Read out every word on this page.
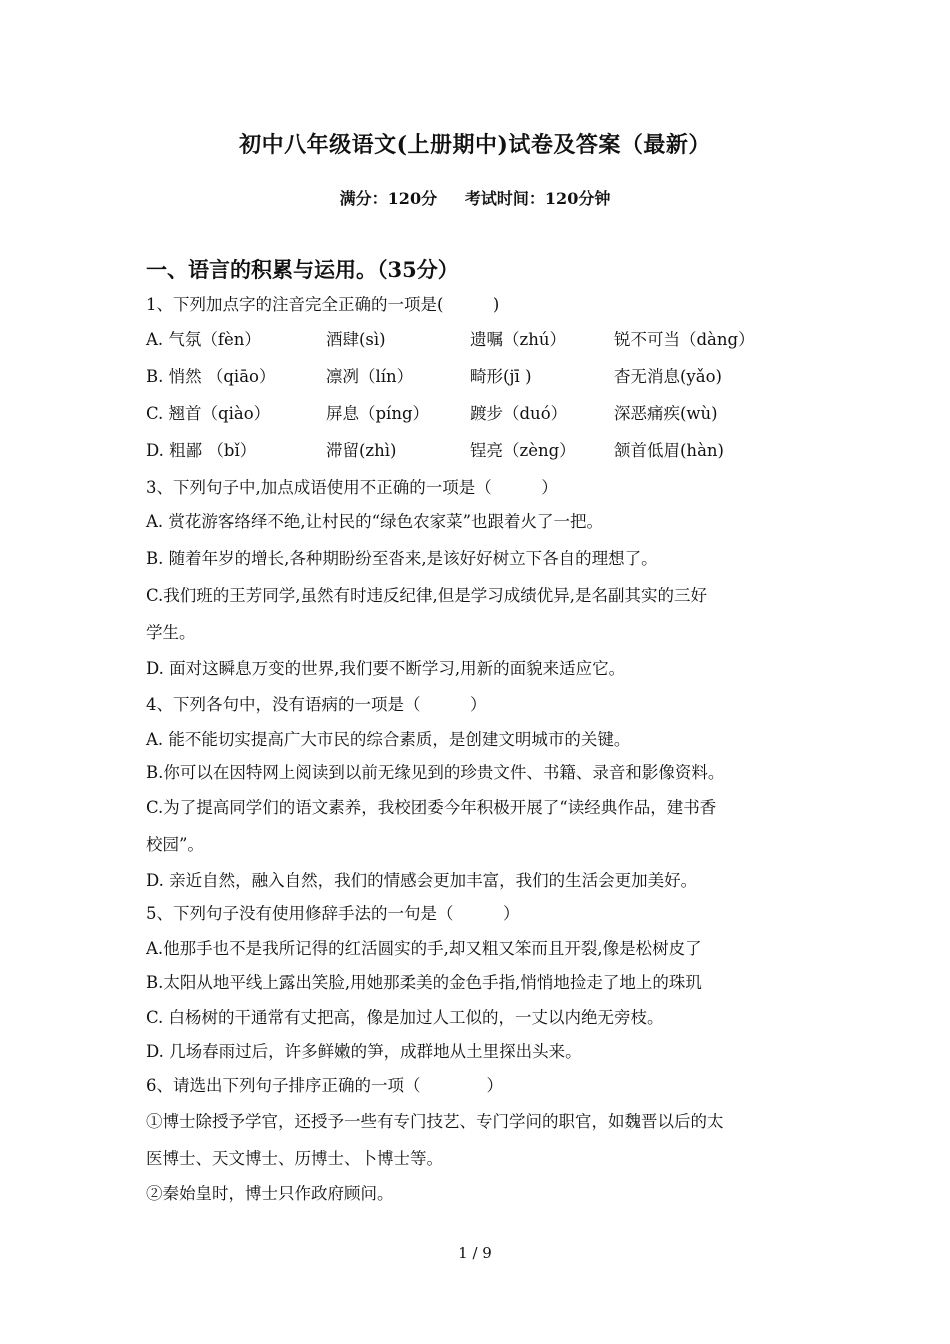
初中八年级语文(上册期中)试卷及答案（最新）
满分：120分     考试时间：120分钟
一、语言的积累与运用。（35分）
1、下列加点字的注音完全正确的一项是(　　　)
A. 气氛（fèn）	酒肆(sì)	遗嘱（zhú）	锐不可当（dàng）
B. 悄然 （qiāo）	凛冽（lín）	畸形(jī )	杳无消息(yǎo)
C. 翘首（qiào）	屏息（píng） 踱步（duó）	深恶痛疾(wù)
D. 粗鄙 （bǐ）	滞留(zhì)	锃亮（zèng） 颔首低眉(hàn)
3、下列句子中,加点成语使用不正确的一项是（　　　）
A. 赏花游客络绎不绝,让村民的“绿色农家菜”也跟着火了一把。
B. 随着年岁的增长,各种期盼纷至沓来,是该好好树立下各自的理想了。
C.我们班的王芳同学,虽然有时违反纪律,但是学习成绩优异,是名副其实的三好
学生。
D. 面对这瞬息万变的世界,我们要不断学习,用新的面貌来适应它。
4、下列各句中，没有语病的一项是（　　　）
A. 能不能切实提高广大市民的综合素质，是创建文明城市的关键。
B.你可以在因特网上阅读到以前无缘见到的珍贵文件、书籍、录音和影像资料。
C.为了提高同学们的语文素养，我校团委今年积极开展了“读经典作品，建书香
校园”。
D. 亲近自然，融入自然，我们的情感会更加丰富，我们的生活会更加美好。
5、下列句子没有使用修辞手法的一句是（　　　）
A.他那手也不是我所记得的红活圆实的手,却又粗又笨而且开裂,像是松树皮了
B.太阳从地平线上露出笑脸,用她那柔美的金色手指,悄悄地捡走了地上的珠玑
C. 白杨树的干通常有丈把高，像是加过人工似的，一丈以内绝无旁枝。
D. 几场春雨过后，许多鲜嫩的笋，成群地从土里探出头来。
6、请选出下列句子排序正确的一项（　　　　）
①博士除授予学官，还授予一些有专门技艺、专门学问的职官，如魏晋以后的太
医博士、天文博士、历博士、卜博士等。
②秦始皇时，博士只作政府顾问。
1 / 9
